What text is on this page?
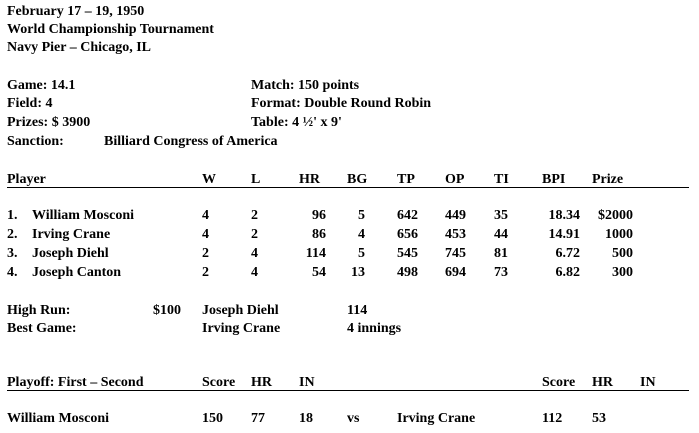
February 17 – 19, 1950
World Championship Tournament
Navy Pier – Chicago, IL
Game: 14.1
Field: 4
Prizes: $ 3900
Sanction:	Billiard Congress of America
Match: 150 points
Format: Double Round Robin
Table: 4 ½' x 9'
Player	W	L	HR BG TP OP TI BPI Prize
1. William Mosconi	4	2	96	5 642 449 35	18.34	$2000
2. Irving Crane	4	2	86	4 656 453 44	14.91	1000
3. Joseph Diehl	2	4	114	5 545 745 81	6.72	500
4. Joseph Canton	2	4	54	13 498 694 73	6.82	300
High Run:	$100 Joseph Diehl	114
Best Game:	Irving Crane	4 innings
Playoff: First – Second	Score HR IN	Score HR IN
William Mosconi	150 77 18 vs	Irving Crane	112 53
